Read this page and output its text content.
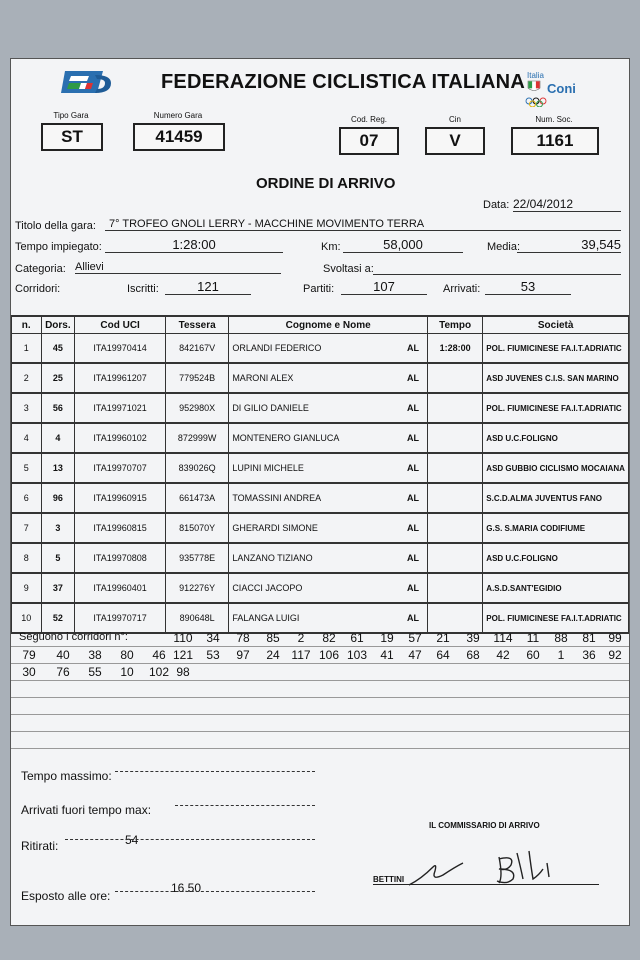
FEDERAZIONE CICLISTICA ITALIANA Italia
Coni
Tipo Gara
ST
Numero Gara
41459
Cod. Reg.
07
Cin
V
Num. Soc.
1161
ORDINE DI ARRIVO
Data: 22/04/2012
Titolo della gara:	7° TROFEO GNOLI LERRY - MACCHINE MOVIMENTO TERRA
Tempo impiegato:	1:28:00	Km:	58,000	Media:	39,545
Categoria: Allievi	Svoltasi a:
Corridori:	Iscritti:	121	Partiti:	107	Arrivati:	53
n.	Dors.	Cod UCI	Tessera	Cognome e Nome	Tempo	Società
1	45	ITA19970414	842167V	ORLANDI FEDERICO AL	1:28:00	POL. FIUMICINESE FA.I.T.ADRIATIC
2	25	ITA19961207	779524B	MARONI ALEX AL		ASD JUVENES C.I.S. SAN MARINO
3	56	ITA19971021	952980X	DI GILIO DANIELE AL		POL. FIUMICINESE FA.I.T.ADRIATIC
4	4	ITA19960102	872999W	MONTENERO GIANLUCA AL		ASD U.C.FOLIGNO
5	13	ITA19970707	839026Q	LUPINI MICHELE AL		ASD GUBBIO CICLISMO MOCAIANA
6	96	ITA19960915	661473A	TOMASSINI ANDREA AL		S.C.D.ALMA JUVENTUS FANO
7	3	ITA19960815	815070Y	GHERARDI SIMONE AL		G.S. S.MARIA CODIFIUME
8	5	ITA19970808	935778E	LANZANO TIZIANO AL		ASD U.C.FOLIGNO
9	37	ITA19960401	912276Y	CIACCI JACOPO AL		A.S.D.SANT'EGIDIO
10	52	ITA19970717	890648L	FALANGA LUIGI AL		POL. FIUMICINESE FA.I.T.ADRIATIC
Seguono i corridori n°:	110	34	78	85	2	82	61	19	57	21	39	114	11	88	81	99
79	40	38	80	46 121	53	97	24 117 106 103	41	47	64	68	42	60	1	36	92
30	76	55	10	102 98
Tempo massimo:
Arrivati fuori tempo max:
Ritirati:	54
Esposto alle ore:
16.50
IL COMMISSARIO DI ARRIVO
BETTINI
